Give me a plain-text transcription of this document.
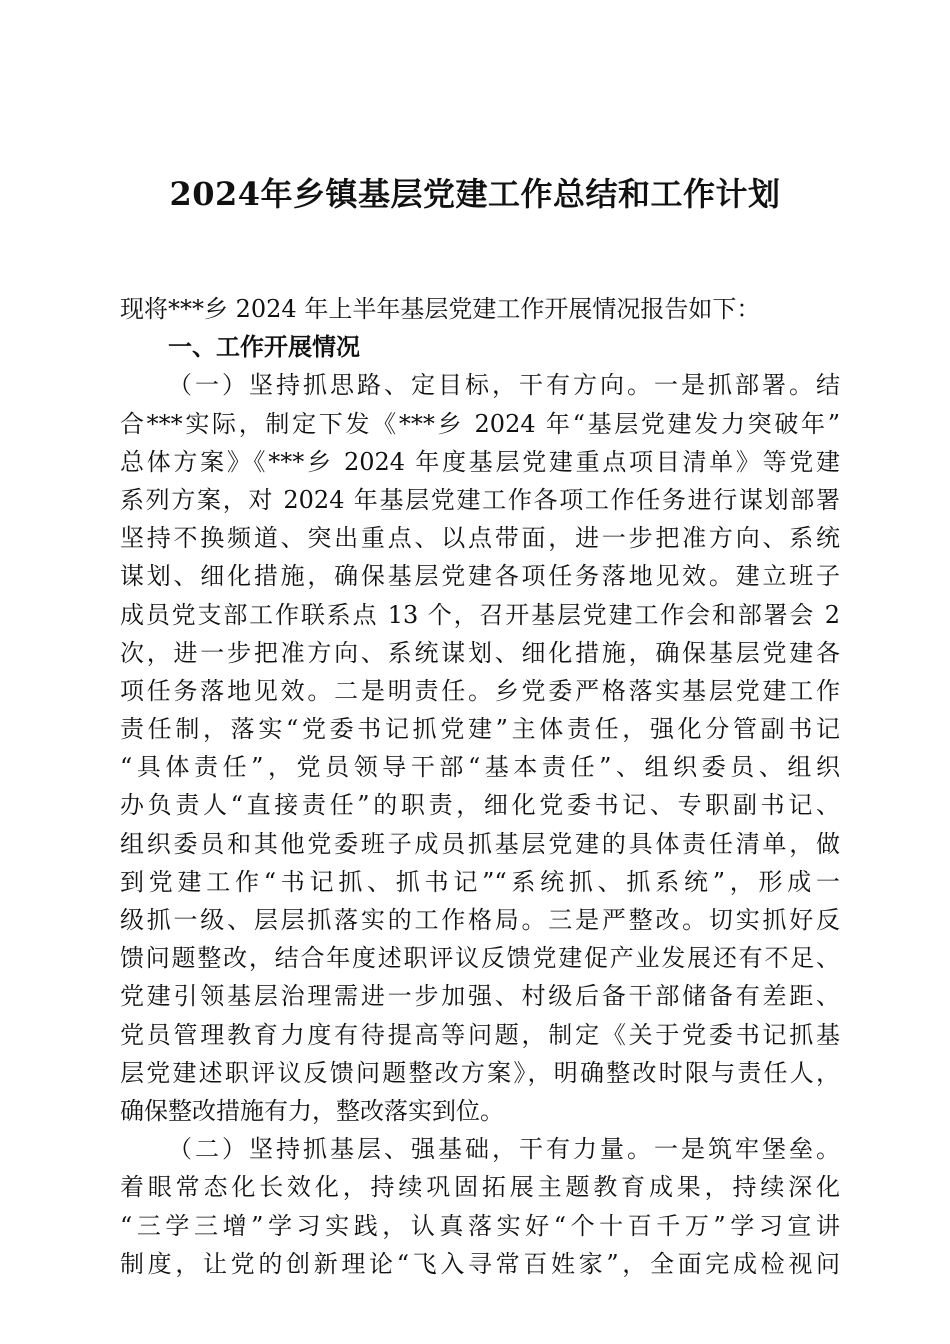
2024年乡镇基层党建工作总结和工作计划
现将***乡 2024 年上半年基层党建工作开展情况报告如下：
一、工作开展情况
（一）坚持抓思路、定目标，干有方向。一是抓部署。结
合***实际，制定下发《***乡 2024 年“基层党建发力突破年”
总体方案》《***乡 2024 年度基层党建重点项目清单》等党建
系列方案，对 2024 年基层党建工作各项工作任务进行谋划部署
坚持不换频道、突出重点、以点带面，进一步把准方向、系统
谋划、细化措施，确保基层党建各项任务落地见效。建立班子
成员党支部工作联系点 13 个，召开基层党建工作会和部署会 2
次，进一步把准方向、系统谋划、细化措施，确保基层党建各
项任务落地见效。二是明责任。乡党委严格落实基层党建工作
责任制，落实“党委书记抓党建”主体责任，强化分管副书记
“具体责任”，党员领导干部“基本责任”、组织委员、组织
办负责人“直接责任”的职责，细化党委书记、专职副书记、
组织委员和其他党委班子成员抓基层党建的具体责任清单，做
到党建工作“书记抓、抓书记”“系统抓、抓系统”，形成一
级抓一级、层层抓落实的工作格局。三是严整改。切实抓好反
馈问题整改，结合年度述职评议反馈党建促产业发展还有不足、
党建引领基层治理需进一步加强、村级后备干部储备有差距、
党员管理教育力度有待提高等问题，制定《关于党委书记抓基
层党建述职评议反馈问题整改方案》，明确整改时限与责任人，
确保整改措施有力，整改落实到位。
（二）坚持抓基层、强基础，干有力量。一是筑牢堡垒。
着眼常态化长效化，持续巩固拓展主题教育成果，持续深化
“三学三增”学习实践，认真落实好“个十百千万”学习宣讲
制度，让党的创新理论“飞入寻常百姓家”，全面完成检视问
